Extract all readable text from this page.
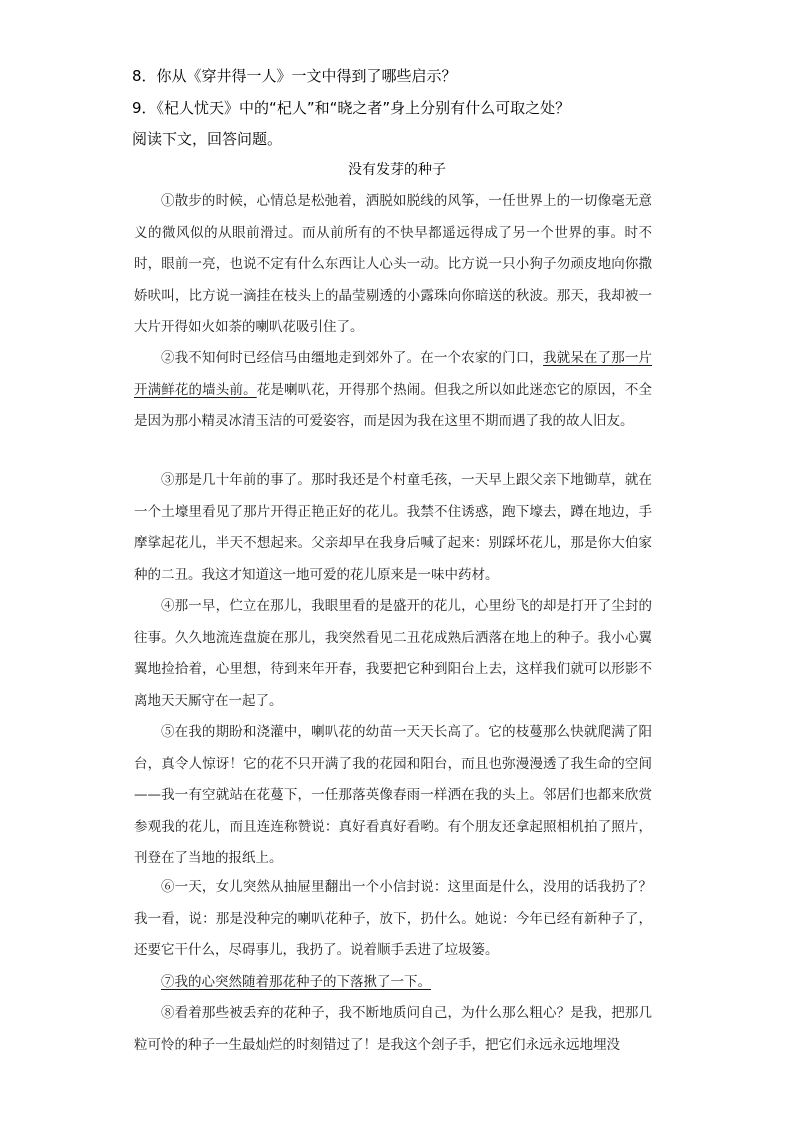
8．你从《穿井得一人》一文中得到了哪些启示？
9．《杞人忧天》中的“杞人”和“晓之者”身上分别有什么可取之处？
阅读下文，回答问题。
没有发芽的种子

①散步的时候，心情总是松弛着，洒脱如脱线的风筝，一任世界上的一切像毫无意义的微风似的从眼前滑过。而从前所有的不快早都遥远得成了另一个世界的事。时不时，眼前一亮，也说不定有什么东西让人心头一动。比方说一只小狗子勿顽皮地向你撒娇吠叫，比方说一滴挂在枝头上的晶莹剔透的小露珠向你暗送的秋波。那天，我却被一大片开得如火如荼的喇叭花吸引住了。

②我不知何时已经信马由缰地走到郊外了。在一个农家的门口，我就呆在了那一片开满鲜花的墙头前。花是喇叭花，开得那个热闹。但我之所以如此迷恋它的原因，不全是因为那小精灵冰清玉洁的可爱姿容，而是因为我在这里不期而遇了我的故人旧友。

③那是几十年前的事了。那时我还是个村童毛孩，一天早上跟父亲下地锄草，就在一个土壕里看见了那片开得正艳正好的花儿。我禁不住诱惑，跑下壕去，蹲在地边，手摩挲起花儿，半天不想起来。父亲却早在我身后喊了起来：别踩坏花儿，那是你大伯家种的二丑。我这才知道这一地可爱的花儿原来是一味中药材。

④那一早，伫立在那儿，我眼里看的是盛开的花儿，心里纷飞的却是打开了尘封的往事。久久地流连盘旋在那儿，我突然看见二丑花成熟后洒落在地上的种子。我小心翼翼地捡拾着，心里想，待到来年开春，我要把它种到阳台上去，这样我们就可以形影不离地天天厮守在一起了。

⑤在我的期盼和浇灌中，喇叭花的幼苗一天天长高了。它的枝蔓那么快就爬满了阳台，真令人惊讶！它的花不只开满了我的花园和阳台，而且也弥漫漫透了我生命的空间——我一有空就站在花蔓下，一任那落英像春雨一样洒在我的头上。邻居们也都来欣赏参观我的花儿，而且连连称赞说：真好看真好看哟。有个朋友还拿起照相机拍了照片，刊登在了当地的报纸上。

⑥一天，女儿突然从抽屉里翻出一个小信封说：这里面是什么，没用的话我扔了？我一看，说：那是没种完的喇叭花种子，放下，扔什么。她说：今年已经有新种子了，还要它干什么，尽碍事儿，我扔了。说着顺手丢进了垃圾篓。

⑦我的心突然随着那花种子的下落揪了一下。

⑧看着那些被丢弃的花种子，我不断地质问自己，为什么那么粗心？是我，把那几粒可怜的种子一生最灿烂的时刻错过了！是我这个刽子手，把它们永远永远地埋没
